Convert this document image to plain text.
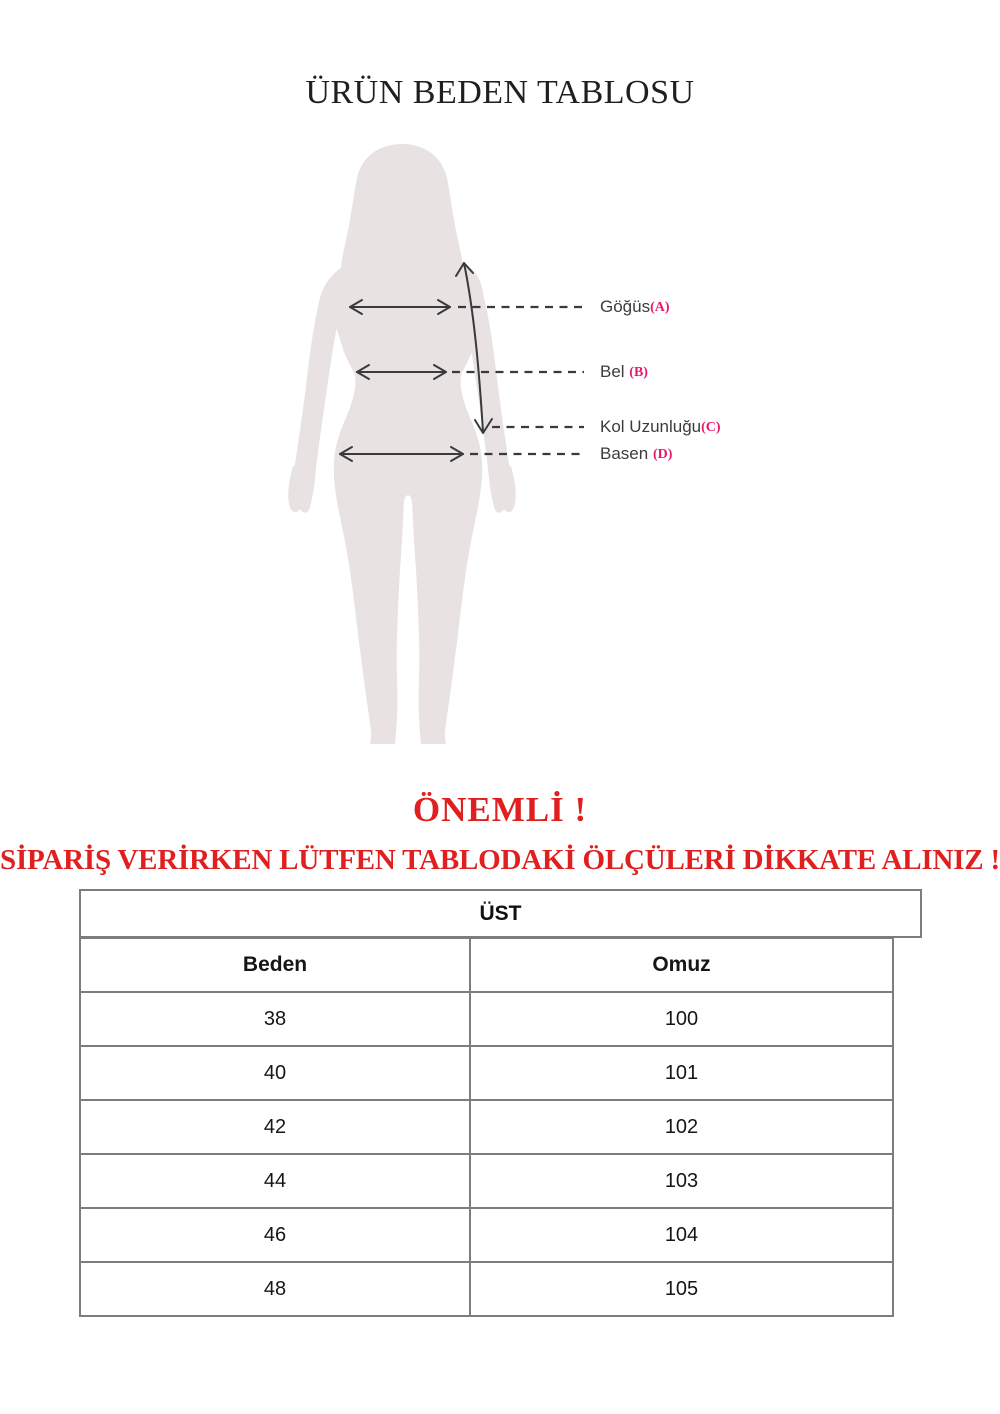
ÜRÜN BEDEN TABLOSU
Göğüs(A)
Bel (B)
Kol Uzunluğu(C)
Basen (D)
ÖNEMLİ !
SİPARİŞ VERİRKEN LÜTFEN TABLODAKİ ÖLÇÜLERİ DİKKATE ALINIZ !
ÜST
Beden	Omuz
38	100
40	101
42	102
44	103
46	104
48	105
